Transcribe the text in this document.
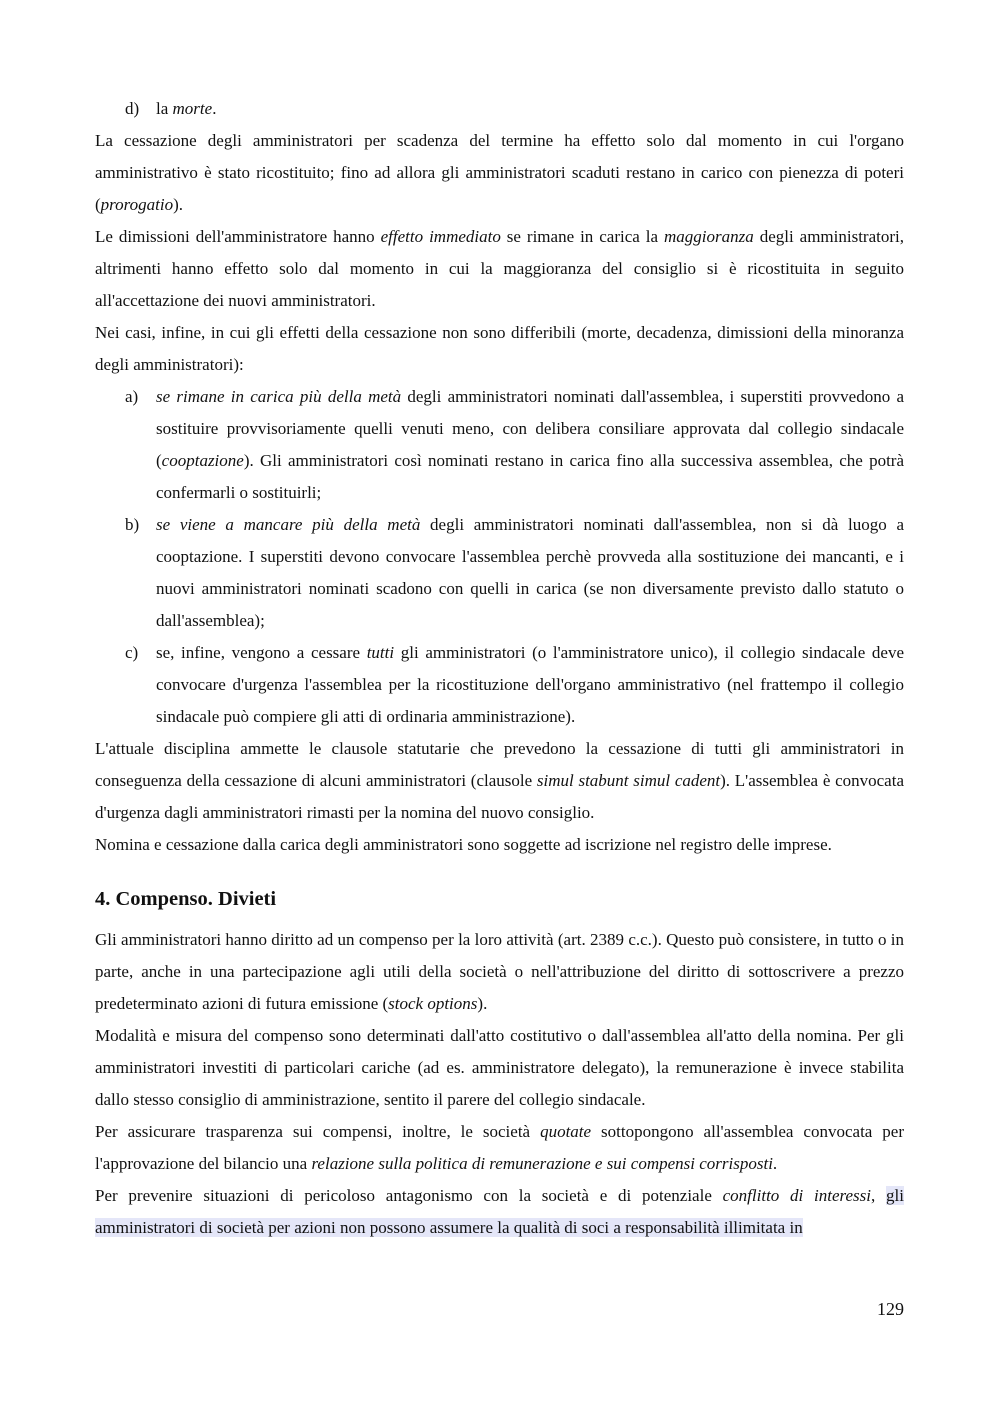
d) la morte.

La cessazione degli amministratori per scadenza del termine ha effetto solo dal momento in cui l'organo amministrativo è stato ricostituito; fino ad allora gli amministratori scaduti restano in carico con pienezza di poteri (prorogatio).

Le dimissioni dell'amministratore hanno effetto immediato se rimane in carica la maggioranza degli amministratori, altrimenti hanno effetto solo dal momento in cui la maggioranza del consiglio si è ricostituita in seguito all'accettazione dei nuovi amministratori.

Nei casi, infine, in cui gli effetti della cessazione non sono differibili (morte, decadenza, dimissioni della minoranza degli amministratori):

a)	se rimane in carica più della metà degli amministratori nominati dall'assemblea, i superstiti provvedono a sostituire provvisoriamente quelli venuti meno, con delibera consiliare approvata dal collegio sindacale (cooptazione). Gli amministratori così nominati restano in carica fino alla successiva assemblea, che potrà confermarli o sostituirli;
b) se viene a mancare più della metà degli amministratori nominati dall'assemblea, non si dà luogo a cooptazione. I superstiti devono convocare l'assemblea perchè provveda alla sostituzione dei mancanti, e i nuovi amministratori nominati scadono con quelli in carica (se non diversamente previsto dallo statuto o dall'assemblea);
c)	se, infine, vengono a cessare tutti gli amministratori (o l'amministratore unico), il collegio sindacale deve convocare d'urgenza l'assemblea per la ricostituzione dell'organo amministrativo (nel frattempo il collegio sindacale può compiere gli atti di ordinaria amministrazione).

L'attuale disciplina ammette le clausole statutarie che prevedono la cessazione di tutti gli amministratori in conseguenza della cessazione di alcuni amministratori (clausole simul stabunt simul cadent). L'assemblea è convocata d'urgenza dagli amministratori rimasti per la nomina del nuovo consiglio.

Nomina e cessazione dalla carica degli amministratori sono soggette ad iscrizione nel registro delle imprese.

4. Compenso. Divieti

Gli amministratori hanno diritto ad un compenso per la loro attività (art. 2389 c.c.). Questo può consistere, in tutto o in parte, anche in una partecipazione agli utili della società o nell'attribuzione del diritto di sottoscrivere a prezzo predeterminato azioni di futura emissione (stock options).

Modalità e misura del compenso sono determinati dall'atto costitutivo o dall'assemblea all'atto della nomina. Per gli amministratori investiti di particolari cariche (ad es. amministratore delegato), la remunerazione è invece stabilita dallo stesso consiglio di amministrazione, sentito il parere del collegio sindacale.

Per assicurare trasparenza sui compensi, inoltre, le società quotate sottopongono all'assemblea convocata per l'approvazione del bilancio una relazione sulla politica di remunerazione e sui compensi corrisposti.

Per prevenire situazioni di pericoloso antagonismo con la società e di potenziale conflitto di interessi, gli amministratori di società per azioni non possono assumere la qualità di soci a responsabilità illimitata in

129
